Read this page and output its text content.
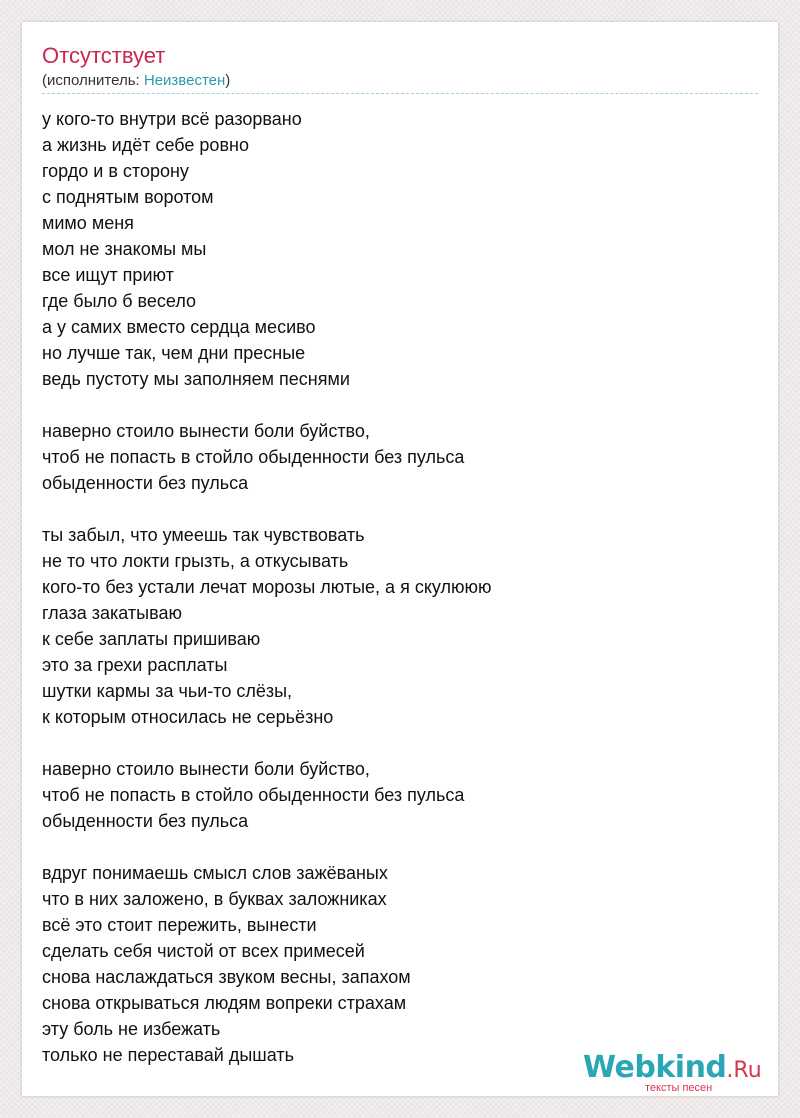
Отсутствует
(исполнитель: Неизвестен)
у кого-то внутри всё разорвано
а жизнь идёт себе ровно
гордо и в сторону
с поднятым воротом
мимо меня
мол не знакомы мы
все ищут приют
где было б весело
а у самих вместо сердца месиво
но лучше так, чем дни пресные
ведь пустоту мы заполняем песнями
наверно стоило вынести боли буйство,
чтоб не попасть в стойло обыденности без пульса
обыденности без пульса
ты забыл, что умеешь так чувствовать
не то что локти грызть, а откусывать
кого-то без устали лечат морозы лютые, а я скулююю
глаза закатываю
к себе заплаты пришиваю
это за грехи расплаты
шутки кармы за чьи-то слёзы,
к которым относилась не серьёзно
наверно стоило вынести боли буйство,
чтоб не попасть в стойло обыденности без пульса
обыденности без пульса
вдруг понимаешь смысл слов зажёваных
что в них заложено, в буквах заложниках
всё это стоит пережить, вынести
сделать себя чистой от всех примесей
снова наслаждаться звуком весны, запахом
снова открываться людям вопреки страхам
эту боль не избежать
только не переставай дышать	Webkind.Ru
тексты песен
